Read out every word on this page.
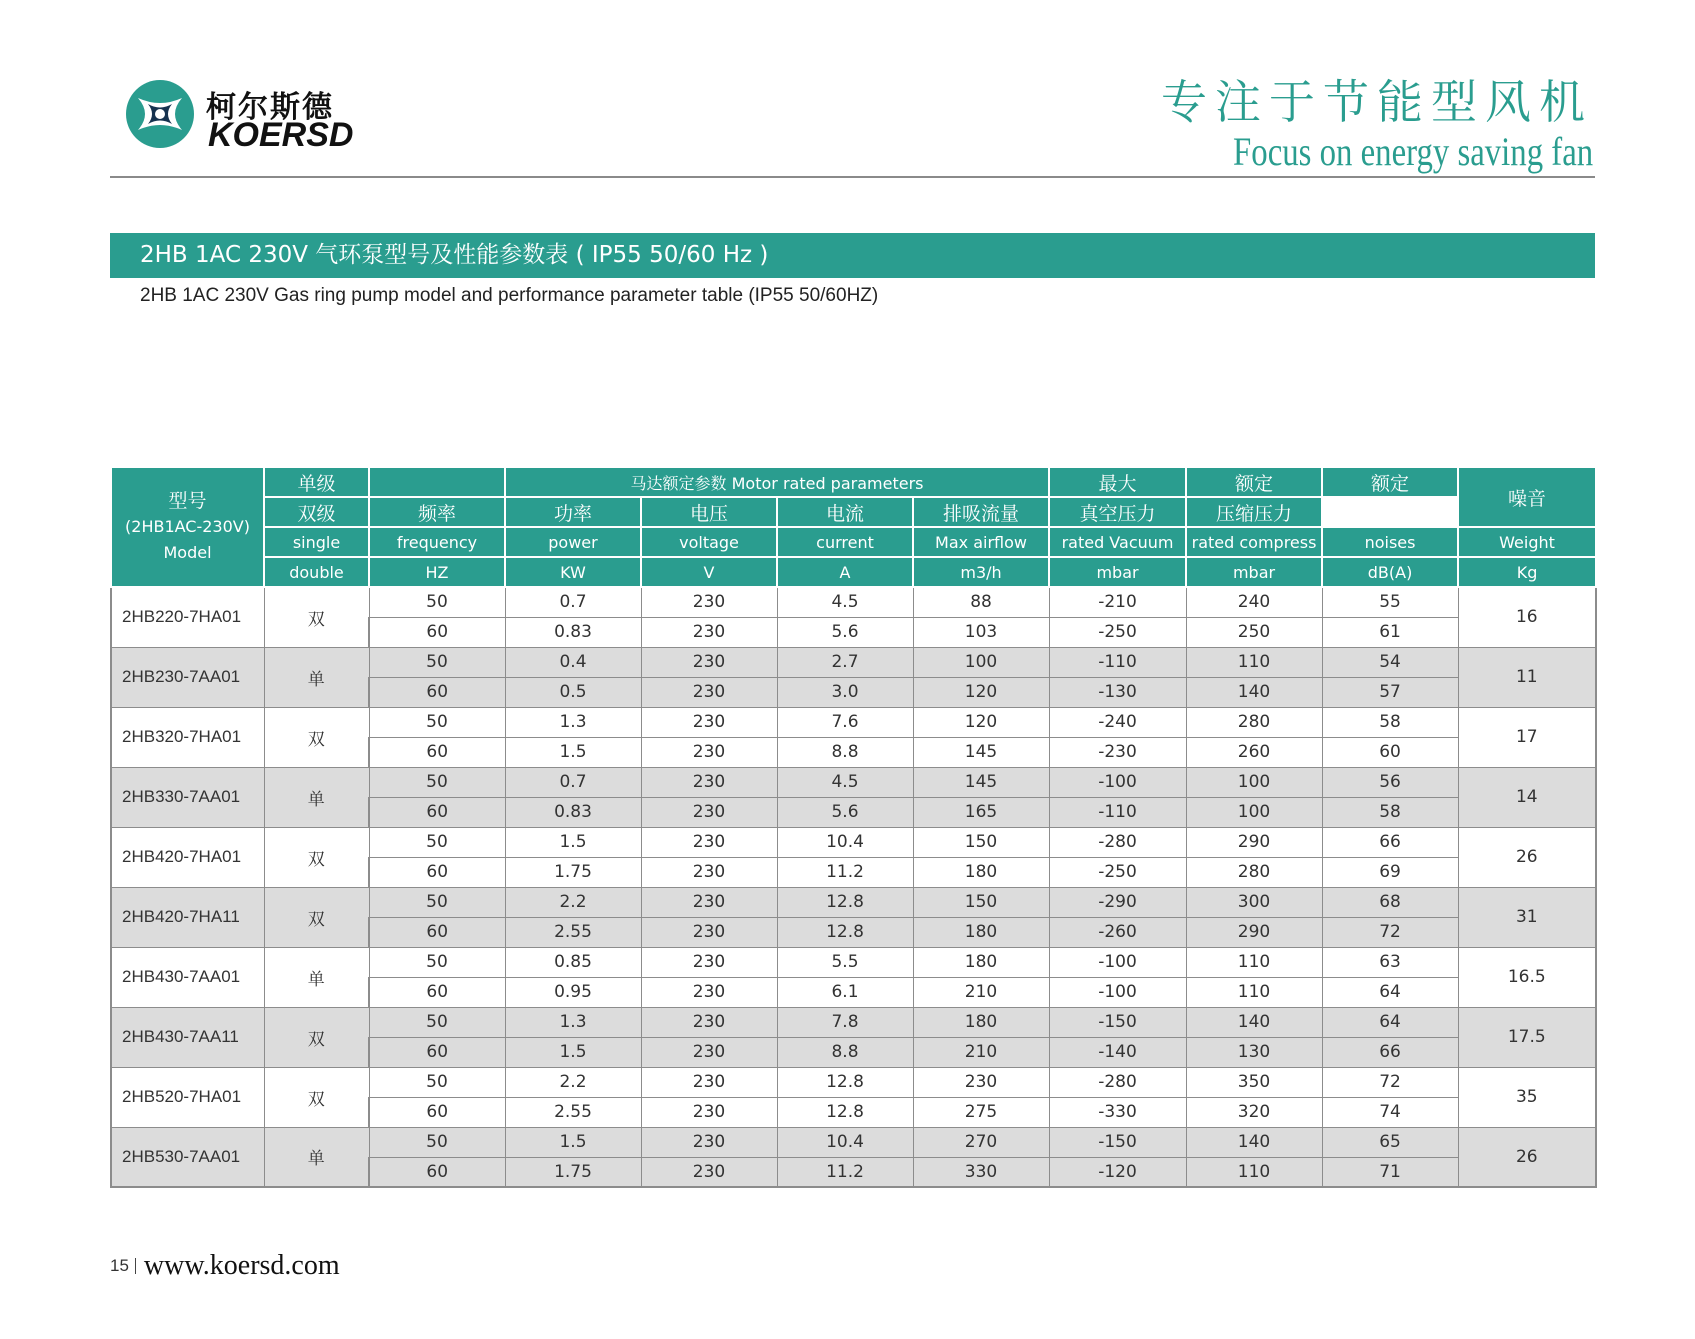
柯尔斯德
KOERSD
专注于节能型风机
Focus on energy saving fan
2HB 1AC 230V 气环泵型号及性能参数表 ( IP55 50/60 Hz )
2HB 1AC 230V Gas ring pump model and performance parameter table (IP55 50/60HZ)
型号
(2HB1AC-230V)
Model	单级		马达额定参数 Motor rated parameters				最大	额定	额定	噪音	
	双级	频率	功率	电压	电流	排吸流量	真空压力	压缩压力			
	single	frequency	power	voltage	current	Max airflow	rated Vacuum	rated compress	noises	Weight	
	double	HZ	KW	V	A	m3/h	mbar	mbar	dB(A)	Kg	
2HB220-7HA01	双	50	0.7	230	4.5	88	-210	240	55	16	
		60	0.83	230	5.6	103	-250	250	61		
2HB230-7AA01	单	50	0.4	230	2.7	100	-110	110	54	11	
		60	0.5	230	3.0	120	-130	140	57		
2HB320-7HA01	双	50	1.3	230	7.6	120	-240	280	58	17	
		60	1.5	230	8.8	145	-230	260	60		
2HB330-7AA01	单	50	0.7	230	4.5	145	-100	100	56	14	
		60	0.83	230	5.6	165	-110	100	58		
2HB420-7HA01	双	50	1.5	230	10.4	150	-280	290	66	26	
		60	1.75	230	11.2	180	-250	280	69		
2HB420-7HA11	双	50	2.2	230	12.8	150	-290	300	68	31	
		60	2.55	230	12.8	180	-260	290	72		
2HB430-7AA01	单	50	0.85	230	5.5	180	-100	110	63	16.5	
		60	0.95	230	6.1	210	-100	110	64		
2HB430-7AA11	双	50	1.3	230	7.8	180	-150	140	64	17.5	
		60	1.5	230	8.8	210	-140	130	66		
2HB520-7HA01	双	50	2.2	230	12.8	230	-280	350	72	35	
		60	2.55	230	12.8	275	-330	320	74		
2HB530-7AA01	单	50	1.5	230	10.4	270	-150	140	65	26	
		60	1.75	230	11.2	330	-120	110	71		
15 www.koersd.com
